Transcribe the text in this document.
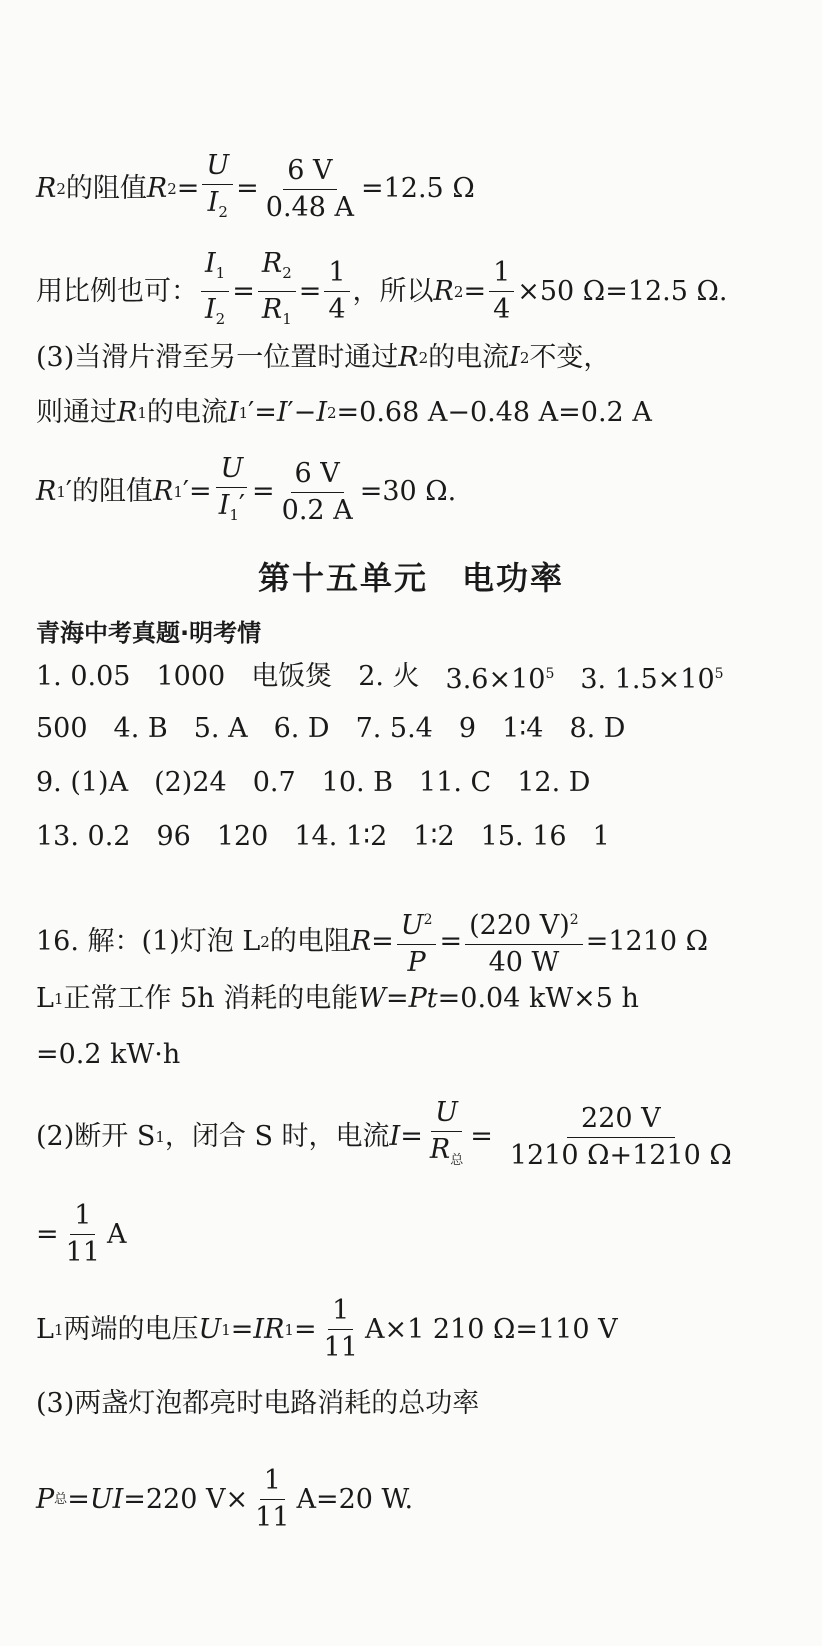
R 2 的阻值 R $2 = \frac{U}{I_2} = \frac{6 V}{0.48 A} =12.5$ Ω
用比例也可： $\frac{I_1}{I_2} = \frac{R_2}{R_1} = \frac{1}{4}$ ，所以 R $2 = \frac{1}{4} \times 50$ Ω=12.5 Ω.
(3)当滑片滑至另一位置时通过 R 2 的电流 I 2 不变，
则通过 R 1 的电流 I 1 ′= I ′− I 2 =0.68 A−0.48 A=0.2 A
R 1 ′的阻值 R 1 ′= $\frac{U}{I_1'} = \frac{6 V}{0.2 A} =30$ Ω.
第十五单元　电功率
青海中考真题·明考情
1. 0.05 1000 电饭煲 2. 火 $3.6\times 10^5$ 3. $1.5\times 10^5$
500 4. B 5. A 6. D 7. 5.4 9 1∶4 8. D
9. (1)A (2)24 0.7 10. B 11. C 12. D
13. 0.2 96 120 14. 1∶2 1∶2 15. 16 1
16. 解：(1)灯泡 L 2 的电阻 $R = \frac{U^2}{P} = \frac{(220 V)^2}{40 W} =1210$ Ω
L 1 正常工作 5h 消耗的电能 W = Pt =0.04 kW×5 h
=0.2 kW·h
(2)断开 S 1 ，闭合 S 时，电流 $I = \frac{U}{R_总} = \frac{220 V}{1210 \Omega+1210 \Omega}$
= $\frac{1}{11}$ A
L 1 两端的电压 U 1 = IR $1 = \frac{1}{11} A\times 1$ 210 Ω=110 V
(3)两盏灯泡都亮时电路消耗的总功率
P 总 = UI =220 $V\times \frac{1}{11} A=20$ W.
